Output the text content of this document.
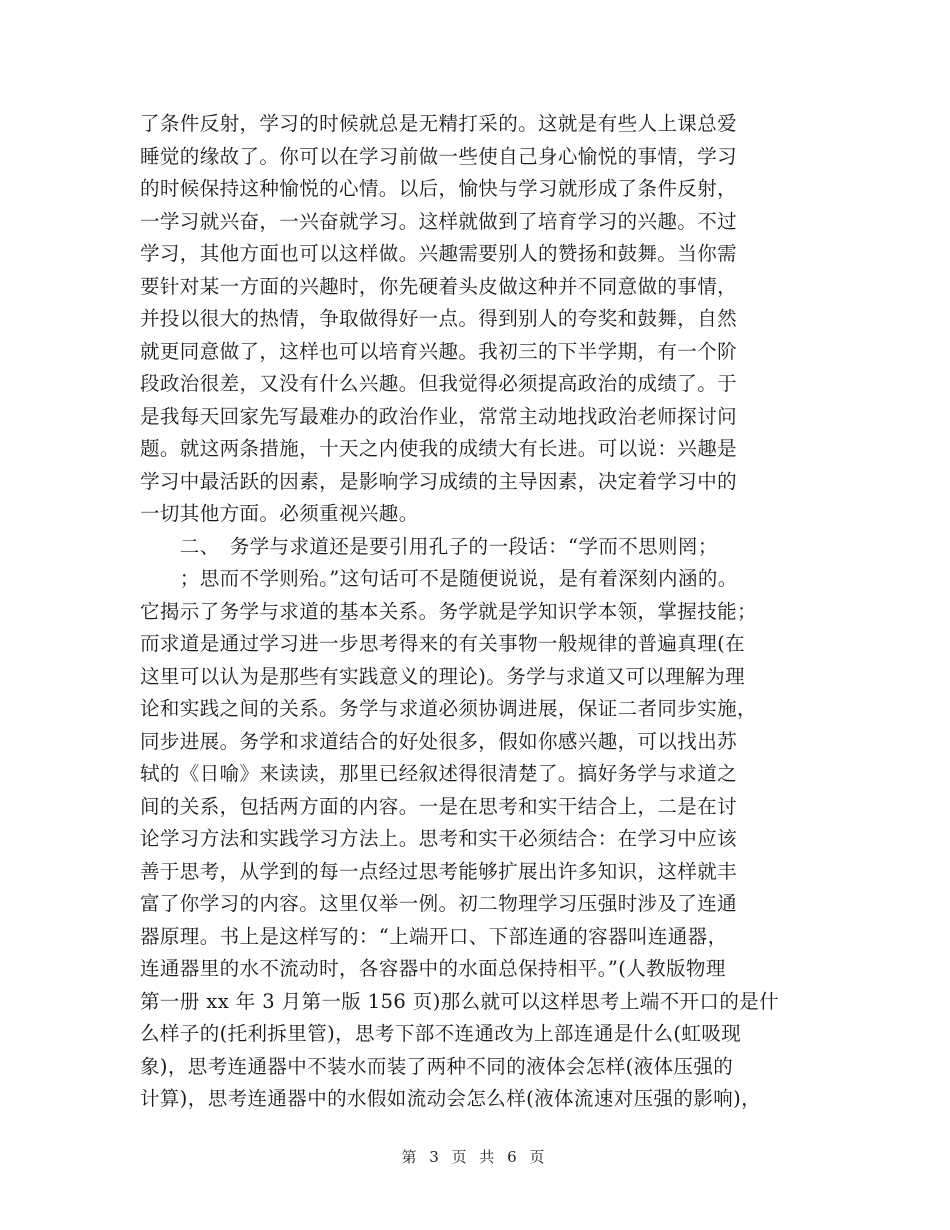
了条件反射，学习的时候就总是无精打采的。这就是有些人上课总爱
睡觉的缘故了。你可以在学习前做一些使自己身心愉悦的事情，学习
的时候保持这种愉悦的心情。以后，愉快与学习就形成了条件反射，
一学习就兴奋，一兴奋就学习。这样就做到了培育学习的兴趣。不过
学习，其他方面也可以这样做。兴趣需要别人的赞扬和鼓舞。当你需
要针对某一方面的兴趣时，你先硬着头皮做这种并不同意做的事情，
并投以很大的热情，争取做得好一点。得到别人的夸奖和鼓舞，自然
就更同意做了，这样也可以培育兴趣。我初三的下半学期，有一个阶
段政治很差，又没有什么兴趣。但我觉得必须提高政治的成绩了。于
是我每天回家先写最难办的政治作业，常常主动地找政治老师探讨问
题。就这两条措施，十天之内使我的成绩大有长进。可以说：兴趣是
学习中最活跃的因素，是影响学习成绩的主导因素，决定着学习中的
一切其他方面。必须重视兴趣。
　　二、　务学与求道还是要引用孔子的一段话：“学而不思则罔；
　　；思而不学则殆。”这句话可不是随便说说，是有着深刻内涵的。
它揭示了务学与求道的基本关系。务学就是学知识学本领，掌握技能；
而求道是通过学习进一步思考得来的有关事物一般规律的普遍真理(在
这里可以认为是那些有实践意义的理论)。务学与求道又可以理解为理
论和实践之间的关系。务学与求道必须协调进展，保证二者同步实施，
同步进展。务学和求道结合的好处很多，假如你感兴趣，可以找出苏
轼的《日喻》来读读，那里已经叙述得很清楚了。搞好务学与求道之
间的关系，包括两方面的内容。一是在思考和实干结合上，二是在讨
论学习方法和实践学习方法上。思考和实干必须结合：在学习中应该
善于思考，从学到的每一点经过思考能够扩展出许多知识，这样就丰
富了你学习的内容。这里仅举一例。初二物理学习压强时涉及了连通
器原理。书上是这样写的：“上端开口、下部连通的容器叫连通器，
连通器里的水不流动时，各容器中的水面总保持相平。”(人教版物理
第一册 xx 年 3 月第一版 156 页)那么就可以这样思考上端不开口的是什
么样子的(托利拆里管)，思考下部不连通改为上部连通是什么(虹吸现
象)，思考连通器中不装水而装了两种不同的液体会怎样(液体压强的
计算)，思考连通器中的水假如流动会怎么样(液体流速对压强的影响)，
第 3 页 共 6 页
